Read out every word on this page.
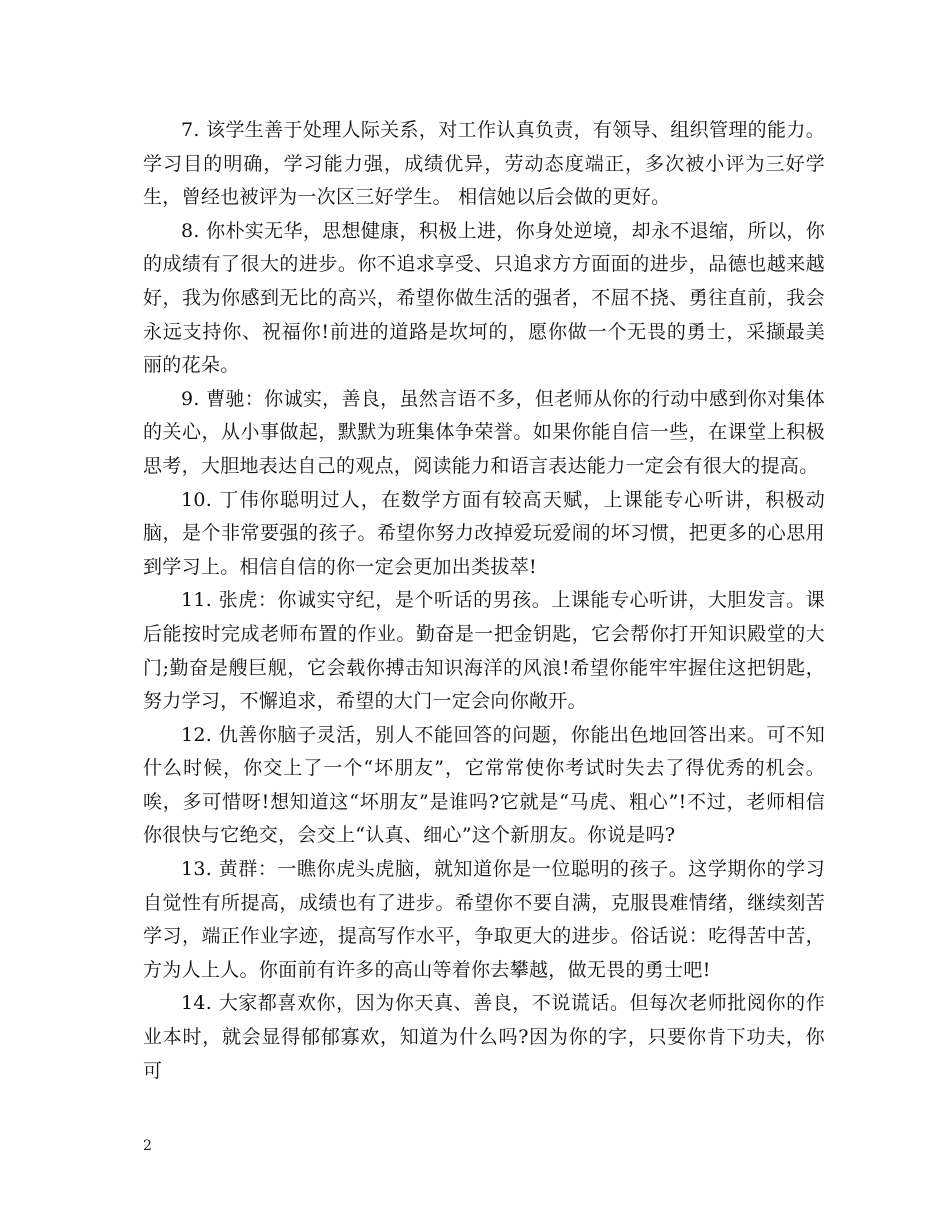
7. 该学生善于处理人际关系，对工作认真负责，有领导、组织管理的能力。学习目的明确，学习能力强，成绩优异，劳动态度端正，多次被小评为三好学生，曾经也被评为一次区三好学生。 相信她以后会做的更好。

8. 你朴实无华，思想健康，积极上进，你身处逆境，却永不退缩，所以，你的成绩有了很大的进步。你不追求享受、只追求方方面面的进步，品德也越来越好，我为你感到无比的高兴，希望你做生活的强者，不屈不挠、勇往直前，我会永远支持你、祝福你!前进的道路是坎坷的，愿你做一个无畏的勇士，采撷最美丽的花朵。

9. 曹驰：你诚实，善良，虽然言语不多，但老师从你的行动中感到你对集体的关心，从小事做起，默默为班集体争荣誉。如果你能自信一些，在课堂上积极思考，大胆地表达自己的观点，阅读能力和语言表达能力一定会有很大的提高。

10. 丁伟你聪明过人，在数学方面有较高天赋，上课能专心听讲，积极动脑，是个非常要强的孩子。希望你努力改掉爱玩爱闹的坏习惯，把更多的心思用到学习上。相信自信的你一定会更加出类拔萃!

11. 张虎：你诚实守纪，是个听话的男孩。上课能专心听讲，大胆发言。课后能按时完成老师布置的作业。勤奋是一把金钥匙，它会帮你打开知识殿堂的大门;勤奋是艘巨舰，它会载你搏击知识海洋的风浪!希望你能牢牢握住这把钥匙，努力学习，不懈追求，希望的大门一定会向你敞开。

12. 仇善你脑子灵活，别人不能回答的问题，你能出色地回答出来。可不知什么时候，你交上了一个“坏朋友”，它常常使你考试时失去了得优秀的机会。唉，多可惜呀!想知道这“坏朋友”是谁吗?它就是“马虎、粗心”!不过，老师相信你很快与它绝交，会交上“认真、细心”这个新朋友。你说是吗?

13. 黄群：一瞧你虎头虎脑，就知道你是一位聪明的孩子。这学期你的学习自觉性有所提高，成绩也有了进步。希望你不要自满，克服畏难情绪，继续刻苦学习，端正作业字迹，提高写作水平，争取更大的进步。俗话说：吃得苦中苦，方为人上人。你面前有许多的高山等着你去攀越，做无畏的勇士吧!

14. 大家都喜欢你，因为你天真、善良，不说谎话。但每次老师批阅你的作业本时，就会显得郁郁寡欢，知道为什么吗?因为你的字，只要你肯下功夫，你可

2
